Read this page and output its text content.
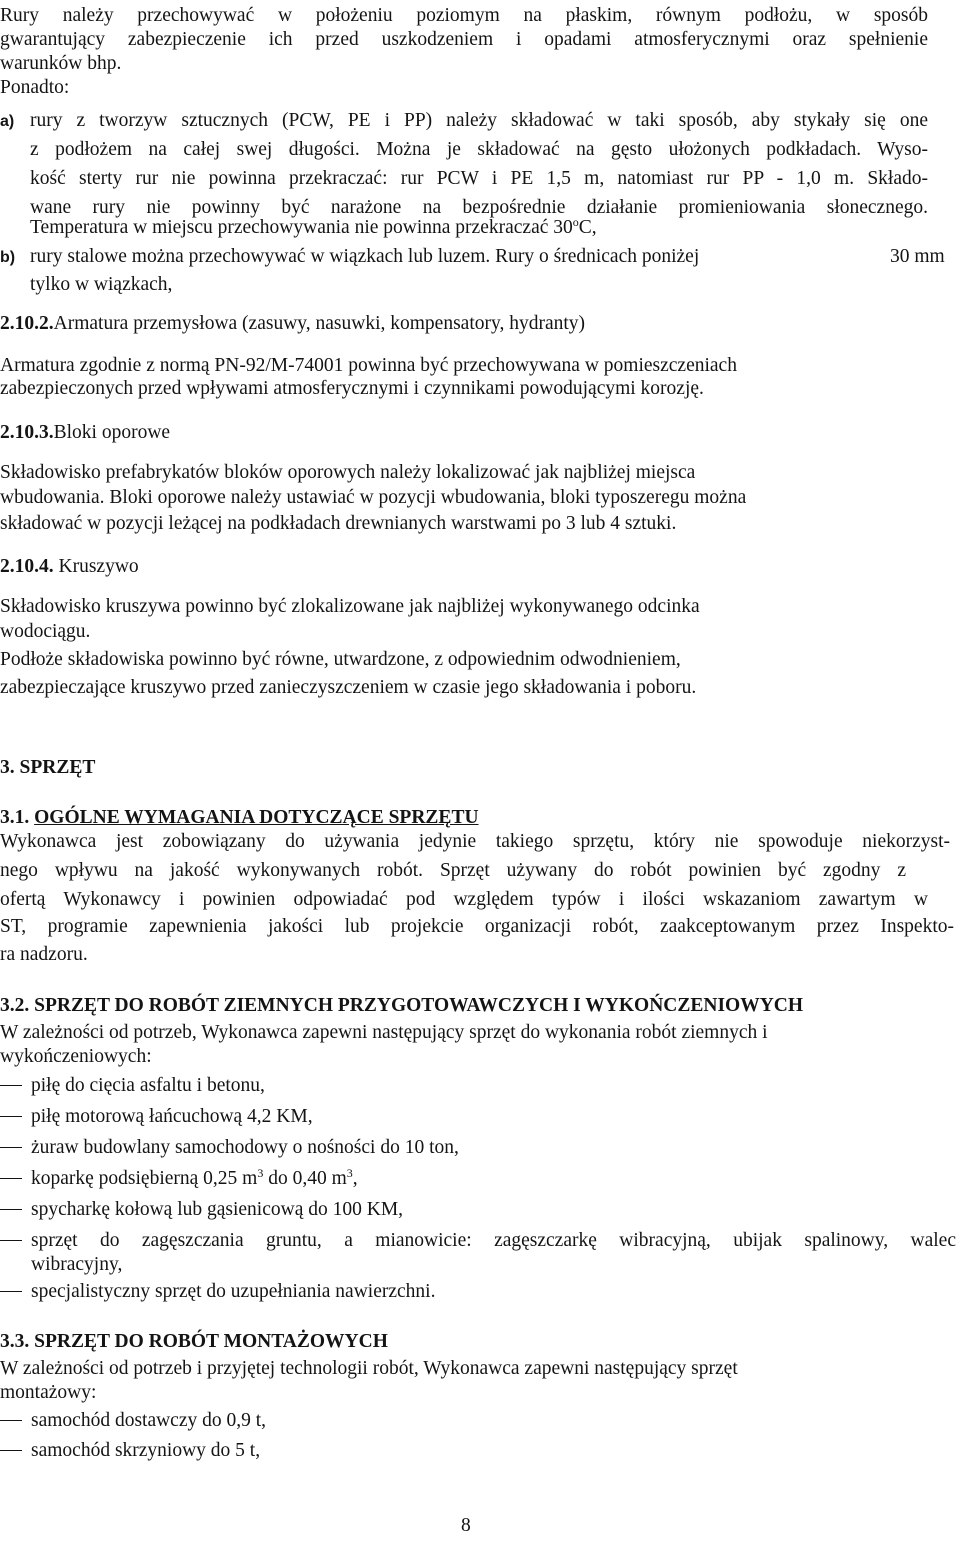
Rury należy przechowywać w położeniu poziomym na płaskim, równym podłożu, w sposób
gwarantujący zabezpieczenie ich przed uszkodzeniem i opadami atmosferycznymi oraz spełnienie
warunków bhp.
Ponadto:
a) rury z tworzyw sztucznych (PCW, PE i PP) należy składować w taki sposób, aby stykały się one
z podłożem na całej swej długości. Można je składować na gęsto ułożonych podkładach. Wyso-
kość sterty rur nie powinna przekraczać: rur PCW i PE 1,5 m, natomiast rur PP - 1,0 m. Składo-
wane rury nie powinny być narażone na bezpośrednie działanie promieniowania słonecznego.
Temperatura w miejscu przechowywania nie powinna przekraczać 30$^o$C,
b) rury stalowe można przechowywać w wiązkach lub luzem. Rury o średnicach poniżej	30 mm
tylko w wiązkach,
2.10.2.Armatura przemysłowa (zasuwy, nasuwki, kompensatory, hydranty)
Armatura zgodnie z normą PN-92/M-74001 powinna być przechowywana w pomieszczeniach
zabezpieczonych przed wpływami atmosferycznymi i czynnikami powodującymi korozję.
2.10.3.Bloki oporowe
Składowisko prefabrykatów bloków oporowych należy lokalizować jak najbliżej miejsca
wbudowania. Bloki oporowe należy ustawiać w pozycji wbudowania, bloki typoszeregu można
składować w pozycji leżącej na podkładach drewnianych warstwami po 3 lub 4 sztuki.
2.10.4. Kruszywo
Składowisko kruszywa powinno być zlokalizowane jak najbliżej wykonywanego odcinka
wodociągu.
Podłoże składowiska powinno być równe, utwardzone, z odpowiednim odwodnieniem,
zabezpieczające kruszywo przed zanieczyszczeniem w czasie jego składowania i poboru.
3. SPRZĘT
3.1. OGÓLNE WYMAGANIA DOTYCZĄCE SPRZĘTU
Wykonawca jest zobowiązany do używania jedynie takiego sprzętu, który nie spowoduje niekorzyst-
nego wpływu na jakość wykonywanych robót. Sprzęt używany do robót powinien być zgodny z
ofertą Wykonawcy i powinien odpowiadać pod względem typów i ilości wskazaniom zawartym w
ST, programie zapewnienia jakości lub projekcie organizacji robót, zaakceptowanym przez Inspekto-
ra nadzoru.
3.2. SPRZĘT DO ROBÓT ZIEMNYCH PRZYGOTOWAWCZYCH I WYKOŃCZENIOWYCH
W zależności od potrzeb, Wykonawca zapewni następujący sprzęt do wykonania robót ziemnych i
wykończeniowych:
piłę do cięcia asfaltu i betonu,
piłę motorową łańcuchową 4,2 KM,
żuraw budowlany samochodowy o nośności do 10 ton,
koparkę podsiębierną 0,25 $m^3$ do 0,40 $m^3$,
spycharkę kołową lub gąsienicową do 100 KM,
sprzęt do zagęszczania gruntu, a mianowicie: zagęszczarkę wibracyjną, ubijak spalinowy, walec
wibracyjny,
specjalistyczny sprzęt do uzupełniania nawierzchni.
3.3. SPRZĘT DO ROBÓT MONTAŻOWYCH
W zależności od potrzeb i przyjętej technologii robót, Wykonawca zapewni następujący sprzęt
montażowy:
samochód dostawczy do 0,9 t,
samochód skrzyniowy do 5 t,
8
